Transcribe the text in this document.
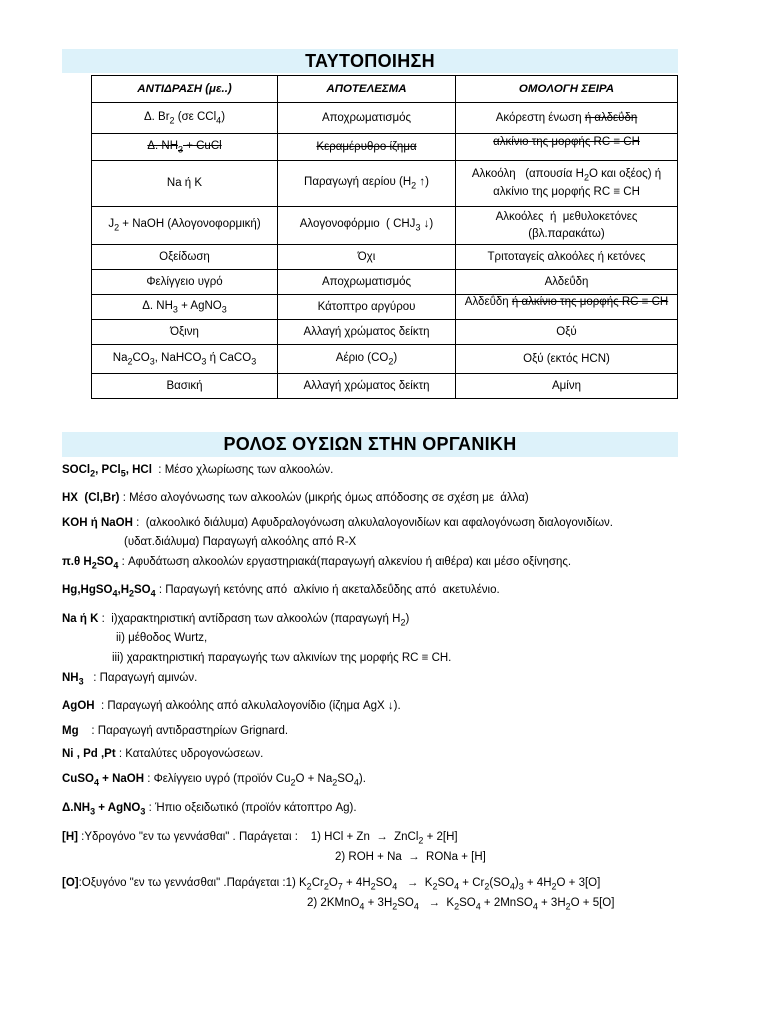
ΤΑΥΤΟΠΟΙΗΣΗ
ΑΝΤΙΔΡΑΣΗ (με..)	ΑΠΟΤΕΛΕΣΜΑ	ΟΜΟΛΟΓΗ ΣΕΙΡΑ
Δ. $Br_2$ (σε CCl$_4$)	Αποχρωματισμός	Ακόρεστη ένωση ή αλδεΰδη
Δ. $NH_3$ + CuCl	Κεραμέρυθρο ίζημα	αλκίνιο της μορφής RC ≡ CH
Na ή K	Παραγωγή αερίου ($H_2$ ↑)	Αλκοόλη   (απουσία $H_2O$ και οξέος) ή
αλκίνιο της μορφής RC ≡ CH
$J_2$ + NaOH (Αλογονοφορμική)	Αλογονοφόρμιο  ( $CHJ_3$ ↓)	Αλκοόλες  ή  μεθυλοκετόνες
(βλ.παρακάτω)
Οξείδωση	Όχι	Τριτοταγείς αλκοόλες ή κετόνες
Φελίγγειο υγρό	Αποχρωματισμός	Αλδεΰδη
Δ. $NH_3$ + AgNO$_3$	Κάτοπτρο αργύρου	Αλδεΰδη ή αλκίνιο της μορφής RC ≡ CH
Όξινη	Αλλαγή χρώματος δείκτη	Οξύ
$Na_2CO_3$, NaHCO$_3$ ή CaCO$_3$	Αέριο $(CO_2)$	Οξύ (εκτός HCN)
Βασική	Αλλαγή χρώματος δείκτη	Αμίνη
ΡΟΛΟΣ ΟΥΣΙΩΝ ΣΤΗΝ ΟΡΓΑΝΙΚΗ
SOCl$_2$, PCl$_5$, HCl  : Μέσο χλωρίωσης των αλκοολών.
HX  (Cl,Br) : Μέσο αλογόνωσης των αλκοολών (μικρής όμως απόδοσης σε σχέση με  άλλα)
KOH ή NaOH :  (αλκοολικό διάλυμα) Αφυδραλογόνωση αλκυλαλογονιδίων και αφαλογόνωση διαλογονιδίων.
(υδατ.διάλυμα) Παραγωγή αλκοόλης από R-X
π.θ $H_2SO_4$ : Αφυδάτωση αλκοολών εργαστηριακά(παραγωγή αλκενίου ή αιθέρα) και μέσο οξίνησης.
$Hg,HgSO_4,H_2SO_4$ : Παραγωγή κετόνης από  αλκίνιο ή ακεταλδεΰδης από  ακετυλένιο.
Na ή K :  i)χαρακτηριστική αντίδραση των αλκοολών (παραγωγή $H_2$)
ii) μέθοδος Wurtz,
iii) χαρακτηριστική παραγωγής των αλκινίων της μορφής RC ≡ CH.
$NH_3$   : Παραγωγή αμινών.
AgOH  : Παραγωγή αλκοόλης από αλκυλαλογονίδιο (ίζημα AgX ↓).
Mg    : Παραγωγή αντιδραστηρίων Grignard.
Ni , Pd ,Pt : Καταλύτες υδρογονώσεων.
CuSO$_4$ + NaOH : Φελίγγειο υγρό (προϊόν $Cu_2O + Na_2SO_4$).
$\Delta.NH_3$ + AgNO$_3$ : Ήπιο οξειδωτικό (προϊόν κάτοπτρο Ag).
[H] :Υδρογόνο "εν τω γεννάσθαι" . Παράγεται :    1) HCl + Zn  →  ZnCl$_2$ + 2[H]
2) ROH + Na  →  RONa + [H]
[O]:Οξυγόνο "εν τω γεννάσθαι" .Παράγεται :1) $K_2Cr_2O_7 + 4H_2SO_4 \to K_2SO_4 + Cr_2(SO_4)_3 + 4H_2O + 3[O]$
2) 2KMnO$_4$ + $3H_2SO_4 \to K_2SO_4$ + 2MnSO$_4$ + $3H_2O + 5[O]$
